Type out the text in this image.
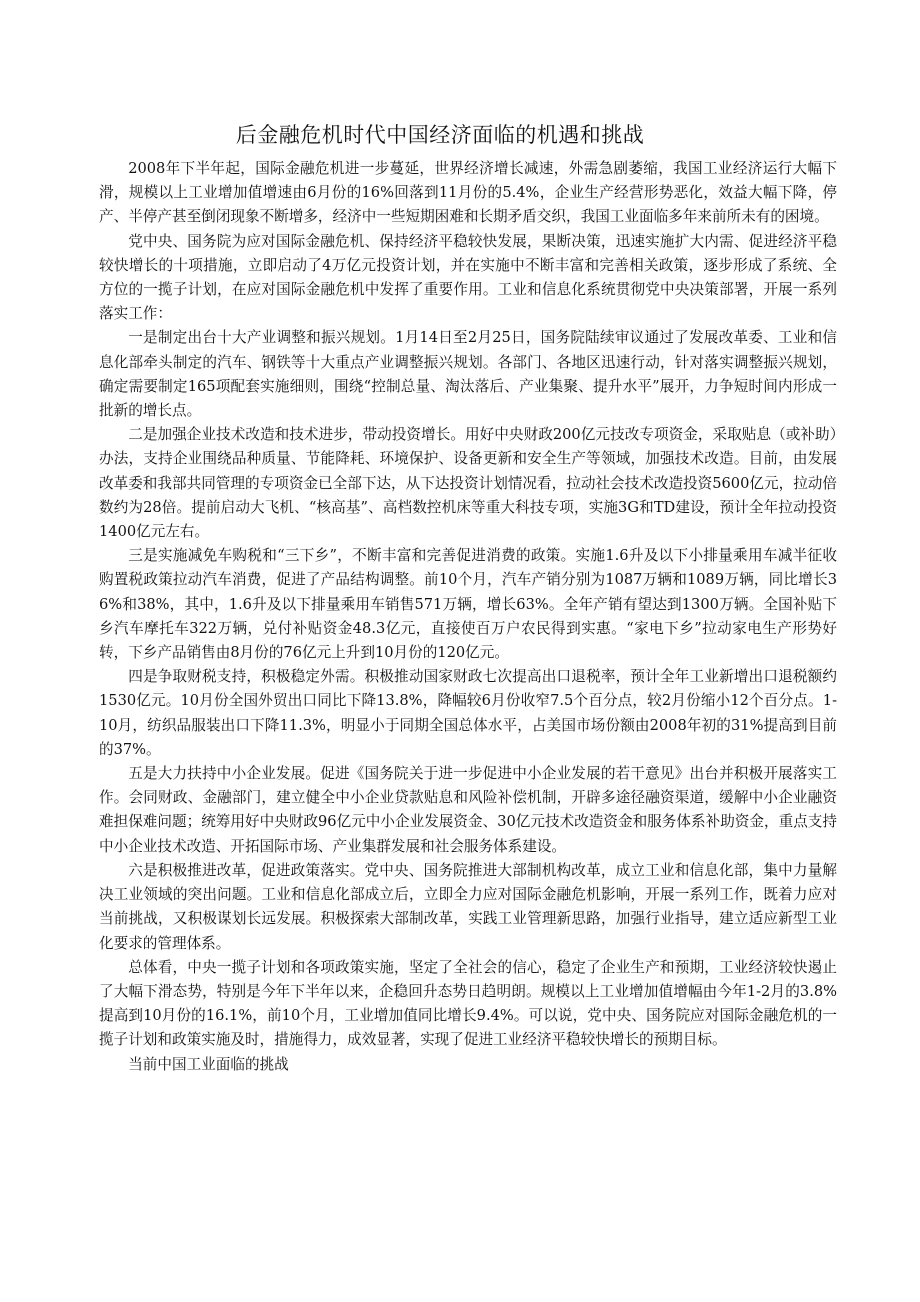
后金融危机时代中国经济面临的机遇和挑战

2008年下半年起，国际金融危机进一步蔓延，世界经济增长减速，外需急剧萎缩，我国工业经济运行大幅下滑，规模以上工业增加值增速由6月份的16%回落到11月份的5.4%，企业生产经营形势恶化，效益大幅下降，停产、半停产甚至倒闭现象不断增多，经济中一些短期困难和长期矛盾交织，我国工业面临多年来前所未有的困境。

党中央、国务院为应对国际金融危机、保持经济平稳较快发展，果断决策，迅速实施扩大内需、促进经济平稳较快增长的十项措施，立即启动了4万亿元投资计划，并在实施中不断丰富和完善相关政策，逐步形成了系统、全方位的一揽子计划，在应对国际金融危机中发挥了重要作用。工业和信息化系统贯彻党中央决策部署，开展一系列落实工作：

一是制定出台十大产业调整和振兴规划。1月14日至2月25日，国务院陆续审议通过了发展改革委、工业和信息化部牵头制定的汽车、钢铁等十大重点产业调整振兴规划。各部门、各地区迅速行动，针对落实调整振兴规划，确定需要制定165项配套实施细则，围绕“控制总量、淘汰落后、产业集聚、提升水平”展开，力争短时间内形成一批新的增长点。

二是加强企业技术改造和技术进步，带动投资增长。用好中央财政200亿元技改专项资金，采取贴息（或补助）办法，支持企业围绕品种质量、节能降耗、环境保护、设备更新和安全生产等领域，加强技术改造。目前，由发展改革委和我部共同管理的专项资金已全部下达，从下达投资计划情况看，拉动社会技术改造投资5600亿元，拉动倍数约为28倍。提前启动大飞机、“核高基”、高档数控机床等重大科技专项，实施3G和TD建设，预计全年拉动投资1400亿元左右。

三是实施减免车购税和“三下乡”，不断丰富和完善促进消费的政策。实施1.6升及以下小排量乘用车减半征收购置税政策拉动汽车消费，促进了产品结构调整。前10个月，汽车产销分别为1087万辆和1089万辆，同比增长36%和38%，其中，1.6升及以下排量乘用车销售571万辆，增长63%。全年产销有望达到1300万辆。全国补贴下乡汽车摩托车322万辆，兑付补贴资金48.3亿元，直接使百万户农民得到实惠。“家电下乡”拉动家电生产形势好转，下乡产品销售由8月份的76亿元上升到10月份的120亿元。

四是争取财税支持，积极稳定外需。积极推动国家财政七次提高出口退税率，预计全年工业新增出口退税额约1530亿元。10月份全国外贸出口同比下降13.8%，降幅较6月份收窄7.5个百分点，较2月份缩小12个百分点。1-10月，纺织品服装出口下降11.3%，明显小于同期全国总体水平，占美国市场份额由2008年初的31%提高到目前的37%。

五是大力扶持中小企业发展。促进《国务院关于进一步促进中小企业发展的若干意见》出台并积极开展落实工作。会同财政、金融部门，建立健全中小企业贷款贴息和风险补偿机制，开辟多途径融资渠道，缓解中小企业融资难担保难问题；统筹用好中央财政96亿元中小企业发展资金、30亿元技术改造资金和服务体系补助资金，重点支持中小企业技术改造、开拓国际市场、产业集群发展和社会服务体系建设。

六是积极推进改革，促进政策落实。党中央、国务院推进大部制机构改革，成立工业和信息化部，集中力量解决工业领域的突出问题。工业和信息化部成立后，立即全力应对国际金融危机影响，开展一系列工作，既着力应对当前挑战，又积极谋划长远发展。积极探索大部制改革，实践工业管理新思路，加强行业指导，建立适应新型工业化要求的管理体系。

总体看，中央一揽子计划和各项政策实施，坚定了全社会的信心，稳定了企业生产和预期，工业经济较快遏止了大幅下滑态势，特别是今年下半年以来，企稳回升态势日趋明朗。规模以上工业增加值增幅由今年1-2月的3.8%提高到10月份的16.1%，前10个月，工业增加值同比增长9.4%。可以说，党中央、国务院应对国际金融危机的一揽子计划和政策实施及时，措施得力，成效显著，实现了促进工业经济平稳较快增长的预期目标。

当前中国工业面临的挑战
